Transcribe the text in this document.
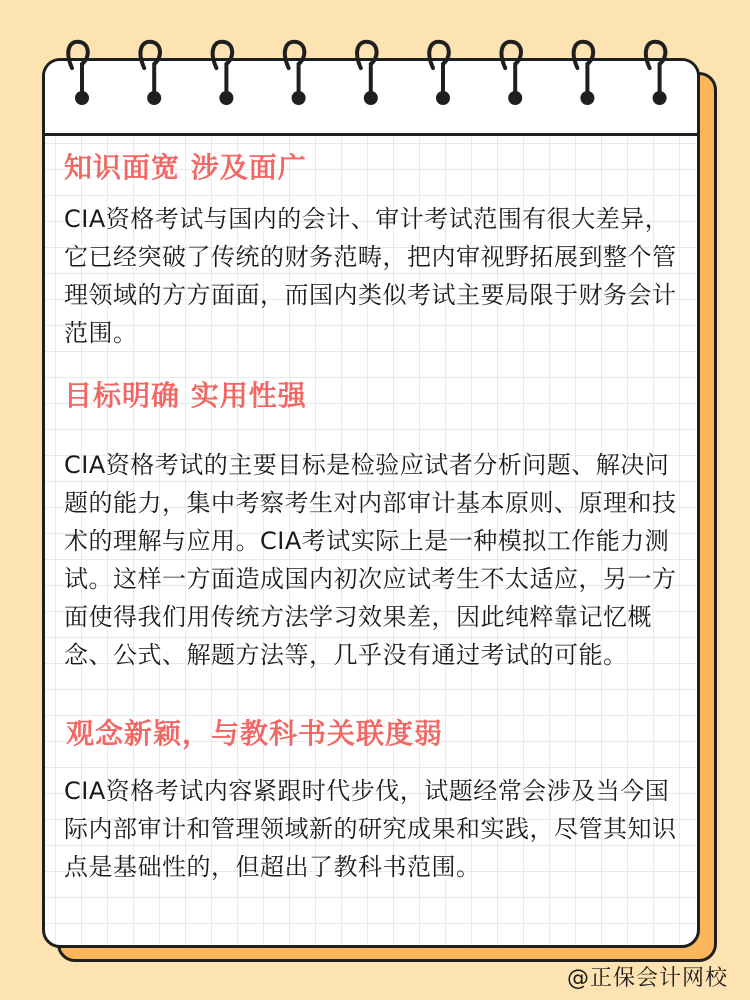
知识面宽 涉及面广

CIA资格考试与国内的会计、审计考试范围有很大差异，它已经突破了传统的财务范畴，把内审视野拓展到整个管理领域的方方面面，而国内类似考试主要局限于财务会计范围。

目标明确 实用性强

CIA资格考试的主要目标是检验应试者分析问题、解决问题的能力，集中考察考生对内部审计基本原则、原理和技术的理解与应用。CIA考试实际上是一种模拟工作能力测试。这样一方面造成国内初次应试考生不太适应，另一方面使得我们用传统方法学习效果差，因此纯粹靠记忆概念、公式、解题方法等，几乎没有通过考试的可能。

观念新颖，与教科书关联度弱

CIA资格考试内容紧跟时代步伐，试题经常会涉及当今国际内部审计和管理领域新的研究成果和实践，尽管其知识点是基础性的，但超出了教科书范围。

@正保会计网校
